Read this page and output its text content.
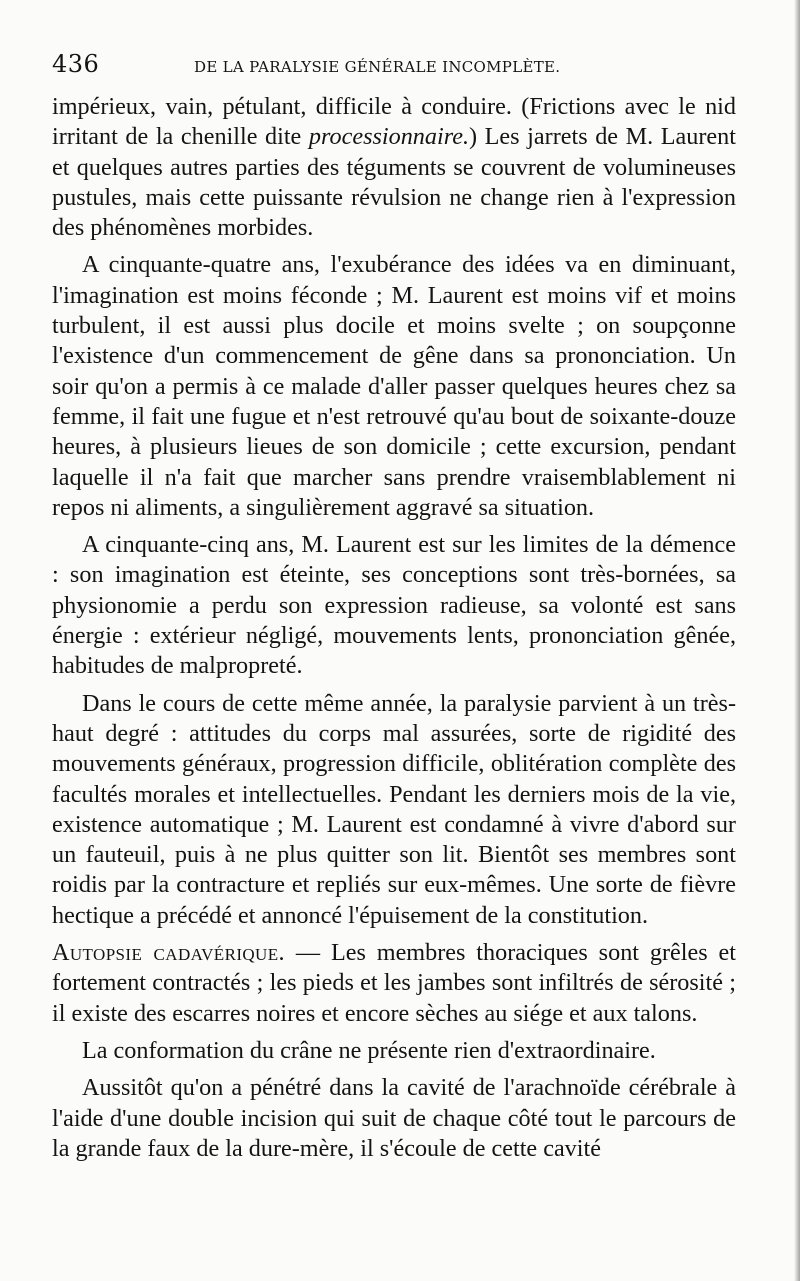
436	DE LA PARALYSIE GÉNÉRALE INCOMPLÈTE.

impérieux, vain, pétulant, difficile à conduire. (Frictions avec le nid irritant de la chenille dite processionnaire.) Les jarrets de M. Laurent et quelques autres parties des téguments se couvrent de volumineuses pustules, mais cette puissante révulsion ne change rien à l'expression des phénomènes morbides.

A cinquante-quatre ans, l'exubérance des idées va en diminuant, l'imagination est moins féconde ; M. Laurent est moins vif et moins turbulent, il est aussi plus docile et moins svelte ; on soupçonne l'existence d'un commencement de gêne dans sa prononciation. Un soir qu'on a permis à ce malade d'aller passer quelques heures chez sa femme, il fait une fugue et n'est retrouvé qu'au bout de soixante-douze heures, à plusieurs lieues de son domicile ; cette excursion, pendant laquelle il n'a fait que marcher sans prendre vraisemblablement ni repos ni aliments, a singulièrement aggravé sa situation.

A cinquante-cinq ans, M. Laurent est sur les limites de la démence : son imagination est éteinte, ses conceptions sont très-bornées, sa physionomie a perdu son expression radieuse, sa volonté est sans énergie : extérieur négligé, mouvements lents, prononciation gênée, habitudes de malpropreté.

Dans le cours de cette même année, la paralysie parvient à un très-haut degré : attitudes du corps mal assurées, sorte de rigidité des mouvements généraux, progression difficile, oblitération complète des facultés morales et intellectuelles. Pendant les derniers mois de la vie, existence automatique ; M. Laurent est condamné à vivre d'abord sur un fauteuil, puis à ne plus quitter son lit. Bientôt ses membres sont roidis par la contracture et repliés sur eux-mêmes. Une sorte de fièvre hectique a précédé et annoncé l'épuisement de la constitution.

Autopsie cadavérique. — Les membres thoraciques sont grêles et fortement contractés ; les pieds et les jambes sont infiltrés de sérosité ; il existe des escarres noires et encore sèches au siége et aux talons.

La conformation du crâne ne présente rien d'extraordinaire.

Aussitôt qu'on a pénétré dans la cavité de l'arachnoïde cérébrale à l'aide d'une double incision qui suit de chaque côté tout le parcours de la grande faux de la dure-mère, il s'écoule de cette cavité
